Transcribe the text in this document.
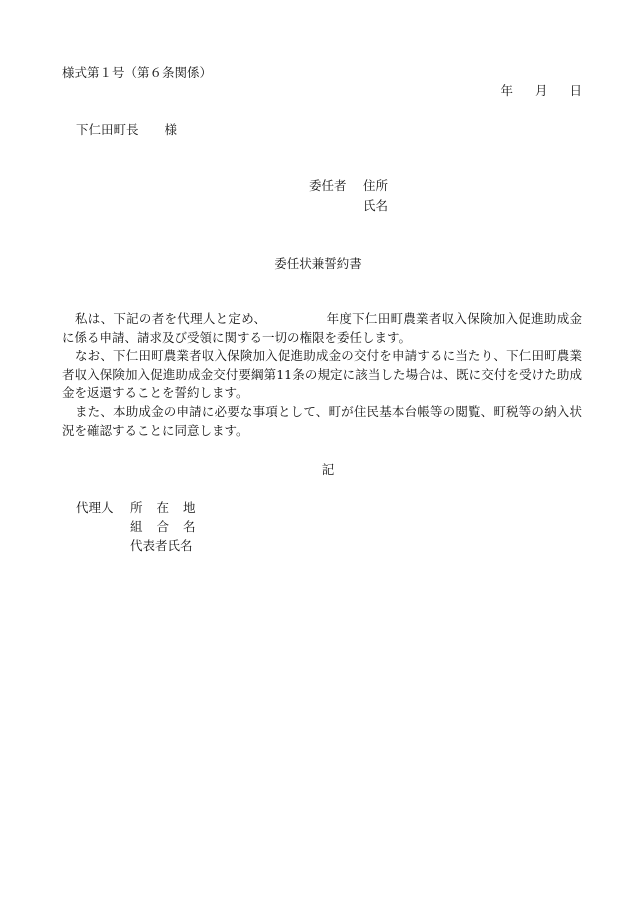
様式第１号（第６条関係）
年 月 日
下仁田町長 様
委任者 住所
氏名
委任状兼誓約書

私は、下記の者を代理人と定め、	年度下仁田町農業者収入保険加入促進助成金に係る申請、請求及び受領に関する一切の権限を委任します。

なお、下仁田町農業者収入保険加入促進助成金の交付を申請するに当たり、下仁田町農業者収入保険加入促進助成金交付要綱第11条の規定に該当した場合は、既に交付を受けた助成金を返還することを誓約します。

また、本助成金の申請に必要な事項として、町が住民基本台帳等の閲覧、町税等の納入状況を確認することに同意します。

記
代理人 所在地
組合名
代表者氏名
